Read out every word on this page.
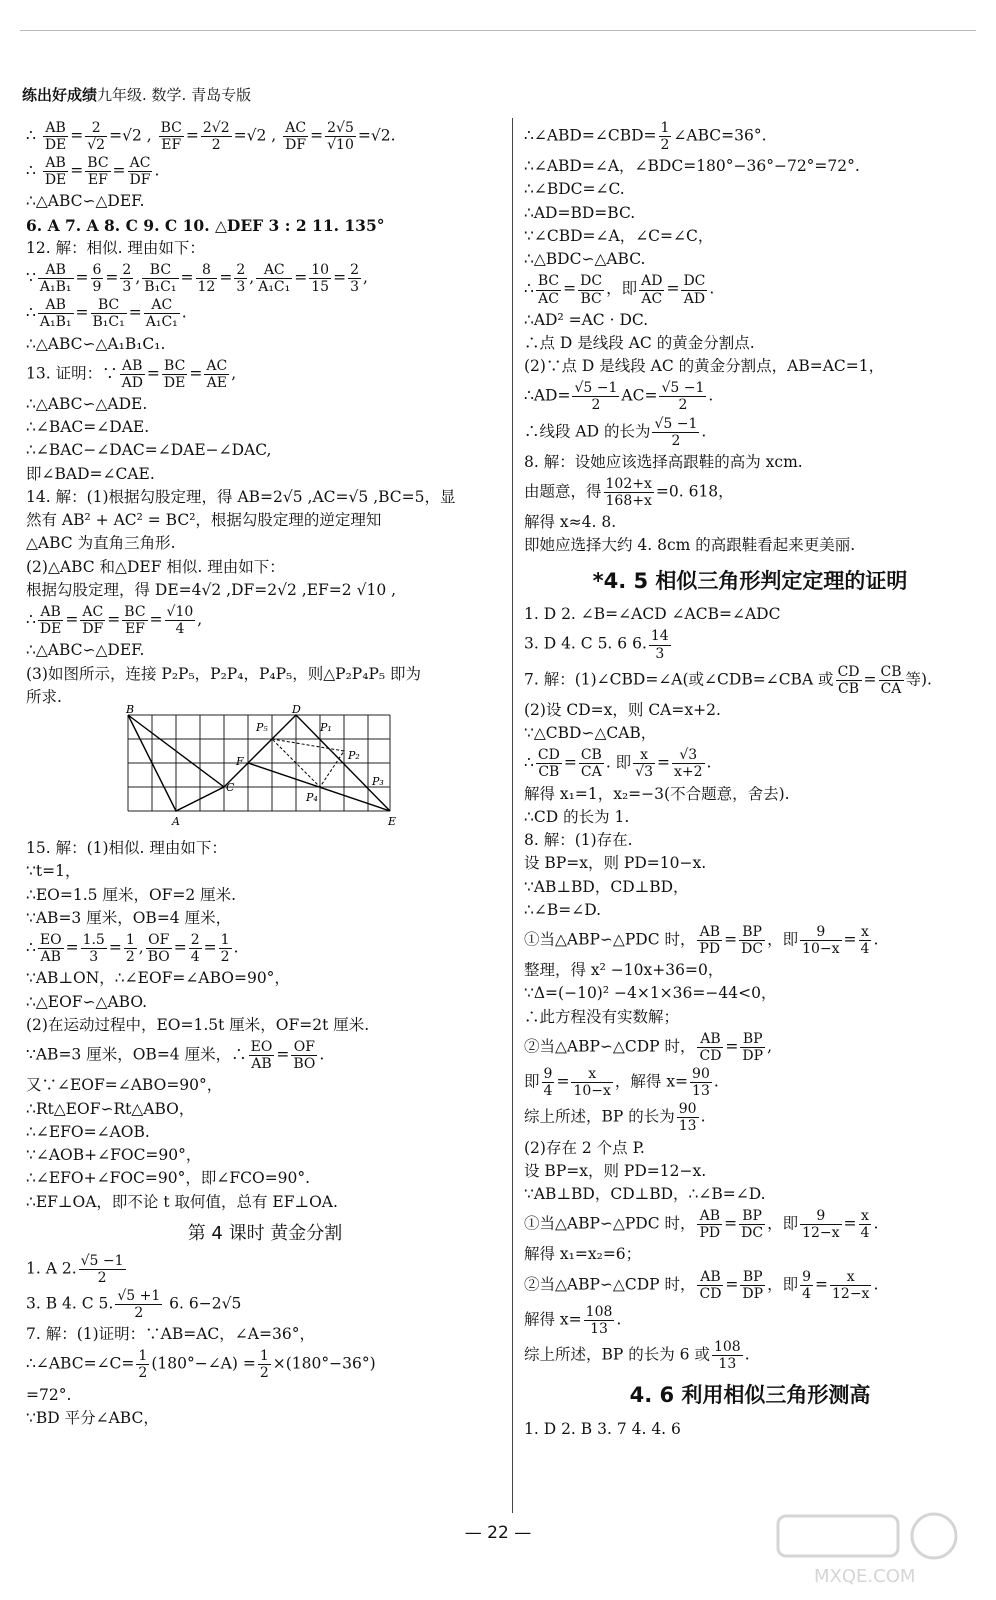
练出好成绩九年级. 数学. 青岛专版
∴ $\frac{AB}{DE} = \frac{2}{√2} =√2$ , $\frac{BC}{EF} = \frac{2√2}{2} =√2$ , $\frac{AC}{DF} = \frac{2√5}{√10} =√2$.
∴ $\frac{AB}{DE} = \frac{BC}{EF} = \frac{AC}{DF}$ .
∴△ABC∽△DEF.
6. A 7. A 8. C 9. C 10. △DEF 3 : 2 11. 135°
12. 解：相似. 理由如下：
∵ $\frac{AB}{\text{A₁B₁}} = \frac{6}{9} = \frac{2}{3}$ , $\frac{BC}{\text{B₁C₁}} = \frac{8}{12} = \frac{2}{3}$ , $\frac{AC}{\text{A₁C₁}} = \frac{10}{15} = \frac{2}{3}$ ,
∴ $\frac{AB}{\text{A₁B₁}} = \frac{BC}{\text{B₁C₁}} = \frac{AC}{\text{A₁C₁}}$ .
∴△ABC∽△A₁B₁C₁.
13. 证明：∵ $\frac{AB}{AD} = \frac{BC}{DE} = \frac{AC}{AE}$ ,
∴△ABC∽△ADE.
∴∠BAC=∠DAE.
∴∠BAC−∠DAC=∠DAE−∠DAC,
即∠BAD=∠CAE.
14. 解：(1)根据勾股定理，得 AB=2√5 ,AC=√5 ,BC=5，显
然有 AB² + AC² = BC²，根据勾股定理的逆定理知
△ABC 为直角三角形.
(2)△ABC 和△DEF 相似. 理由如下：
根据勾股定理，得 DE=4√2 ,DF=2√2 ,EF=2 √10 ,
∴ $\frac{AB}{DE} = \frac{AC}{DF} = \frac{BC}{EF} = \frac{√10}{4}$ ,
∴△ABC∽△DEF.
(3)如图所示，连接 P₂P₅，P₂P₄，P₄P₅，则△P₂P₄P₅ 即为
所求.
B	D
F
C
A	E
P₁
P₂
P₃
P₄
P₅
15. 解：(1)相似. 理由如下：
∵t=1，
∴EO=1.5 厘米，OF=2 厘米.
∵AB=3 厘米，OB=4 厘米，
∴ $\frac{EO}{AB} = \frac{1.5}{3} = \frac{1}{2}$ , $\frac{OF}{BO} = \frac{2}{4} = \frac{1}{2}$ .
∵AB⊥ON，∴∠EOF=∠ABO=90°，
∴△EOF∽△ABO.
(2)在运动过程中，EO=1.5t 厘米，OF=2t 厘米.
∵AB=3 厘米，OB=4 厘米，∴ $\frac{EO}{AB} = \frac{OF}{BO}$ .
又∵∠EOF=∠ABO=90°，
∴Rt△EOF∽Rt△ABO，
∴∠EFO=∠AOB.
∵∠AOB+∠FOC=90°，
∴∠EFO+∠FOC=90°，即∠FCO=90°.
∴EF⊥OA，即不论 t 取何值，总有 EF⊥OA.
第 4 课时 黄金分割
1. A 2. $\frac{√5 -1}{2}$
3. B 4. C 5. $\frac{√5 +1}{2} 6$. 6−2√5
7. 解：(1)证明：∵AB=AC，∠A=36°，
∴∠ABC=∠C= $\frac{1}{2}$ (180°−∠A) = $\frac{1}{2} \times(180^\circ-36^\circ)$
=72°.
∵BD 平分∠ABC，
∴∠ABD=∠CBD= $\frac{1}{2}$ ∠ABC=36°.
∴∠ABD=∠A，∠BDC=180°−36°−72°=72°.
∴∠BDC=∠C.
∴AD=BD=BC.
∵∠CBD=∠A，∠C=∠C，
∴△BDC∽△ABC.
∴ $\frac{BC}{AC} = \frac{DC}{BC}$ ，即 $\frac{AD}{AC} = \frac{DC}{AD}$ .
∴AD² =AC · DC.
∴点 D 是线段 AC 的黄金分割点.
(2)∵点 D 是线段 AC 的黄金分割点，AB=AC=1，
∴AD= $\frac{√5 -1}{2} AC= \frac{√5 -1}{2}$ .
∴线段 AD 的长为 $\frac{√5 -1}{2}$ .
8. 解：设她应该选择高跟鞋的高为 xcm.
由题意，得 $\frac{102+x}{168+x} =0$. 618，
解得 x≈4. 8.
即她应选择大约 4. 8cm 的高跟鞋看起来更美丽.
*4. 5 相似三角形判定定理的证明
1. D 2. ∠B=∠ACD ∠ACB=∠ADC
3. D 4. C 5. 6 6. $\frac{14}{3}$
7. 解：(1)∠CBD=∠A(或∠CDB=∠CBA 或 $\frac{CD}{CB} = \frac{CB}{CA}$ 等).
(2)设 CD=x，则 CA=x+2.
∵△CBD∽△CAB，
∴ $\frac{CD}{CB} = \frac{CB}{CA}$ . 即 $\frac{x}{√3} = \frac{√3}{x+2}$ .
解得 x₁=1，x₂=−3(不合题意，舍去).
∴CD 的长为 1.
8. 解：(1)存在.
设 BP=x，则 PD=10−x.
∵AB⊥BD，CD⊥BD，
∴∠B=∠D.
①当△ABP∽△PDC 时， $\frac{AB}{PD} = \frac{BP}{DC}$ ，即 $\frac{9}{10-x} = \frac{x}{4}$ .
整理，得 x² −10x+36=0，
∵Δ=(−10)² −4×1×36=−44<0，
∴此方程没有实数解；
②当△ABP∽△CDP 时， $\frac{AB}{CD} = \frac{BP}{DP}$ ,
即 $\frac{9}{4} = \frac{x}{10-x}$ ，解得 $x= \frac{90}{13}$ .
综上所述，BP 的长为 $\frac{90}{13}$ .
(2)存在 2 个点 P.
设 BP=x，则 PD=12−x.
∵AB⊥BD，CD⊥BD，∴∠B=∠D.
①当△ABP∽△PDC 时， $\frac{AB}{PD} = \frac{BP}{DC}$ ，即 $\frac{9}{12-x} = \frac{x}{4}$ .
解得 x₁=x₂=6；
②当△ABP∽△CDP 时， $\frac{AB}{CD} = \frac{BP}{DP}$ ，即 $\frac{9}{4} = \frac{x}{12-x}$ .
解得 $x= \frac{108}{13}$ .
综上所述，BP 的长为 6 或 $\frac{108}{13}$ .
4. 6 利用相似三角形测高
1. D 2. B 3. 7 4. 4. 6
— 22 —
MXQE.COM
